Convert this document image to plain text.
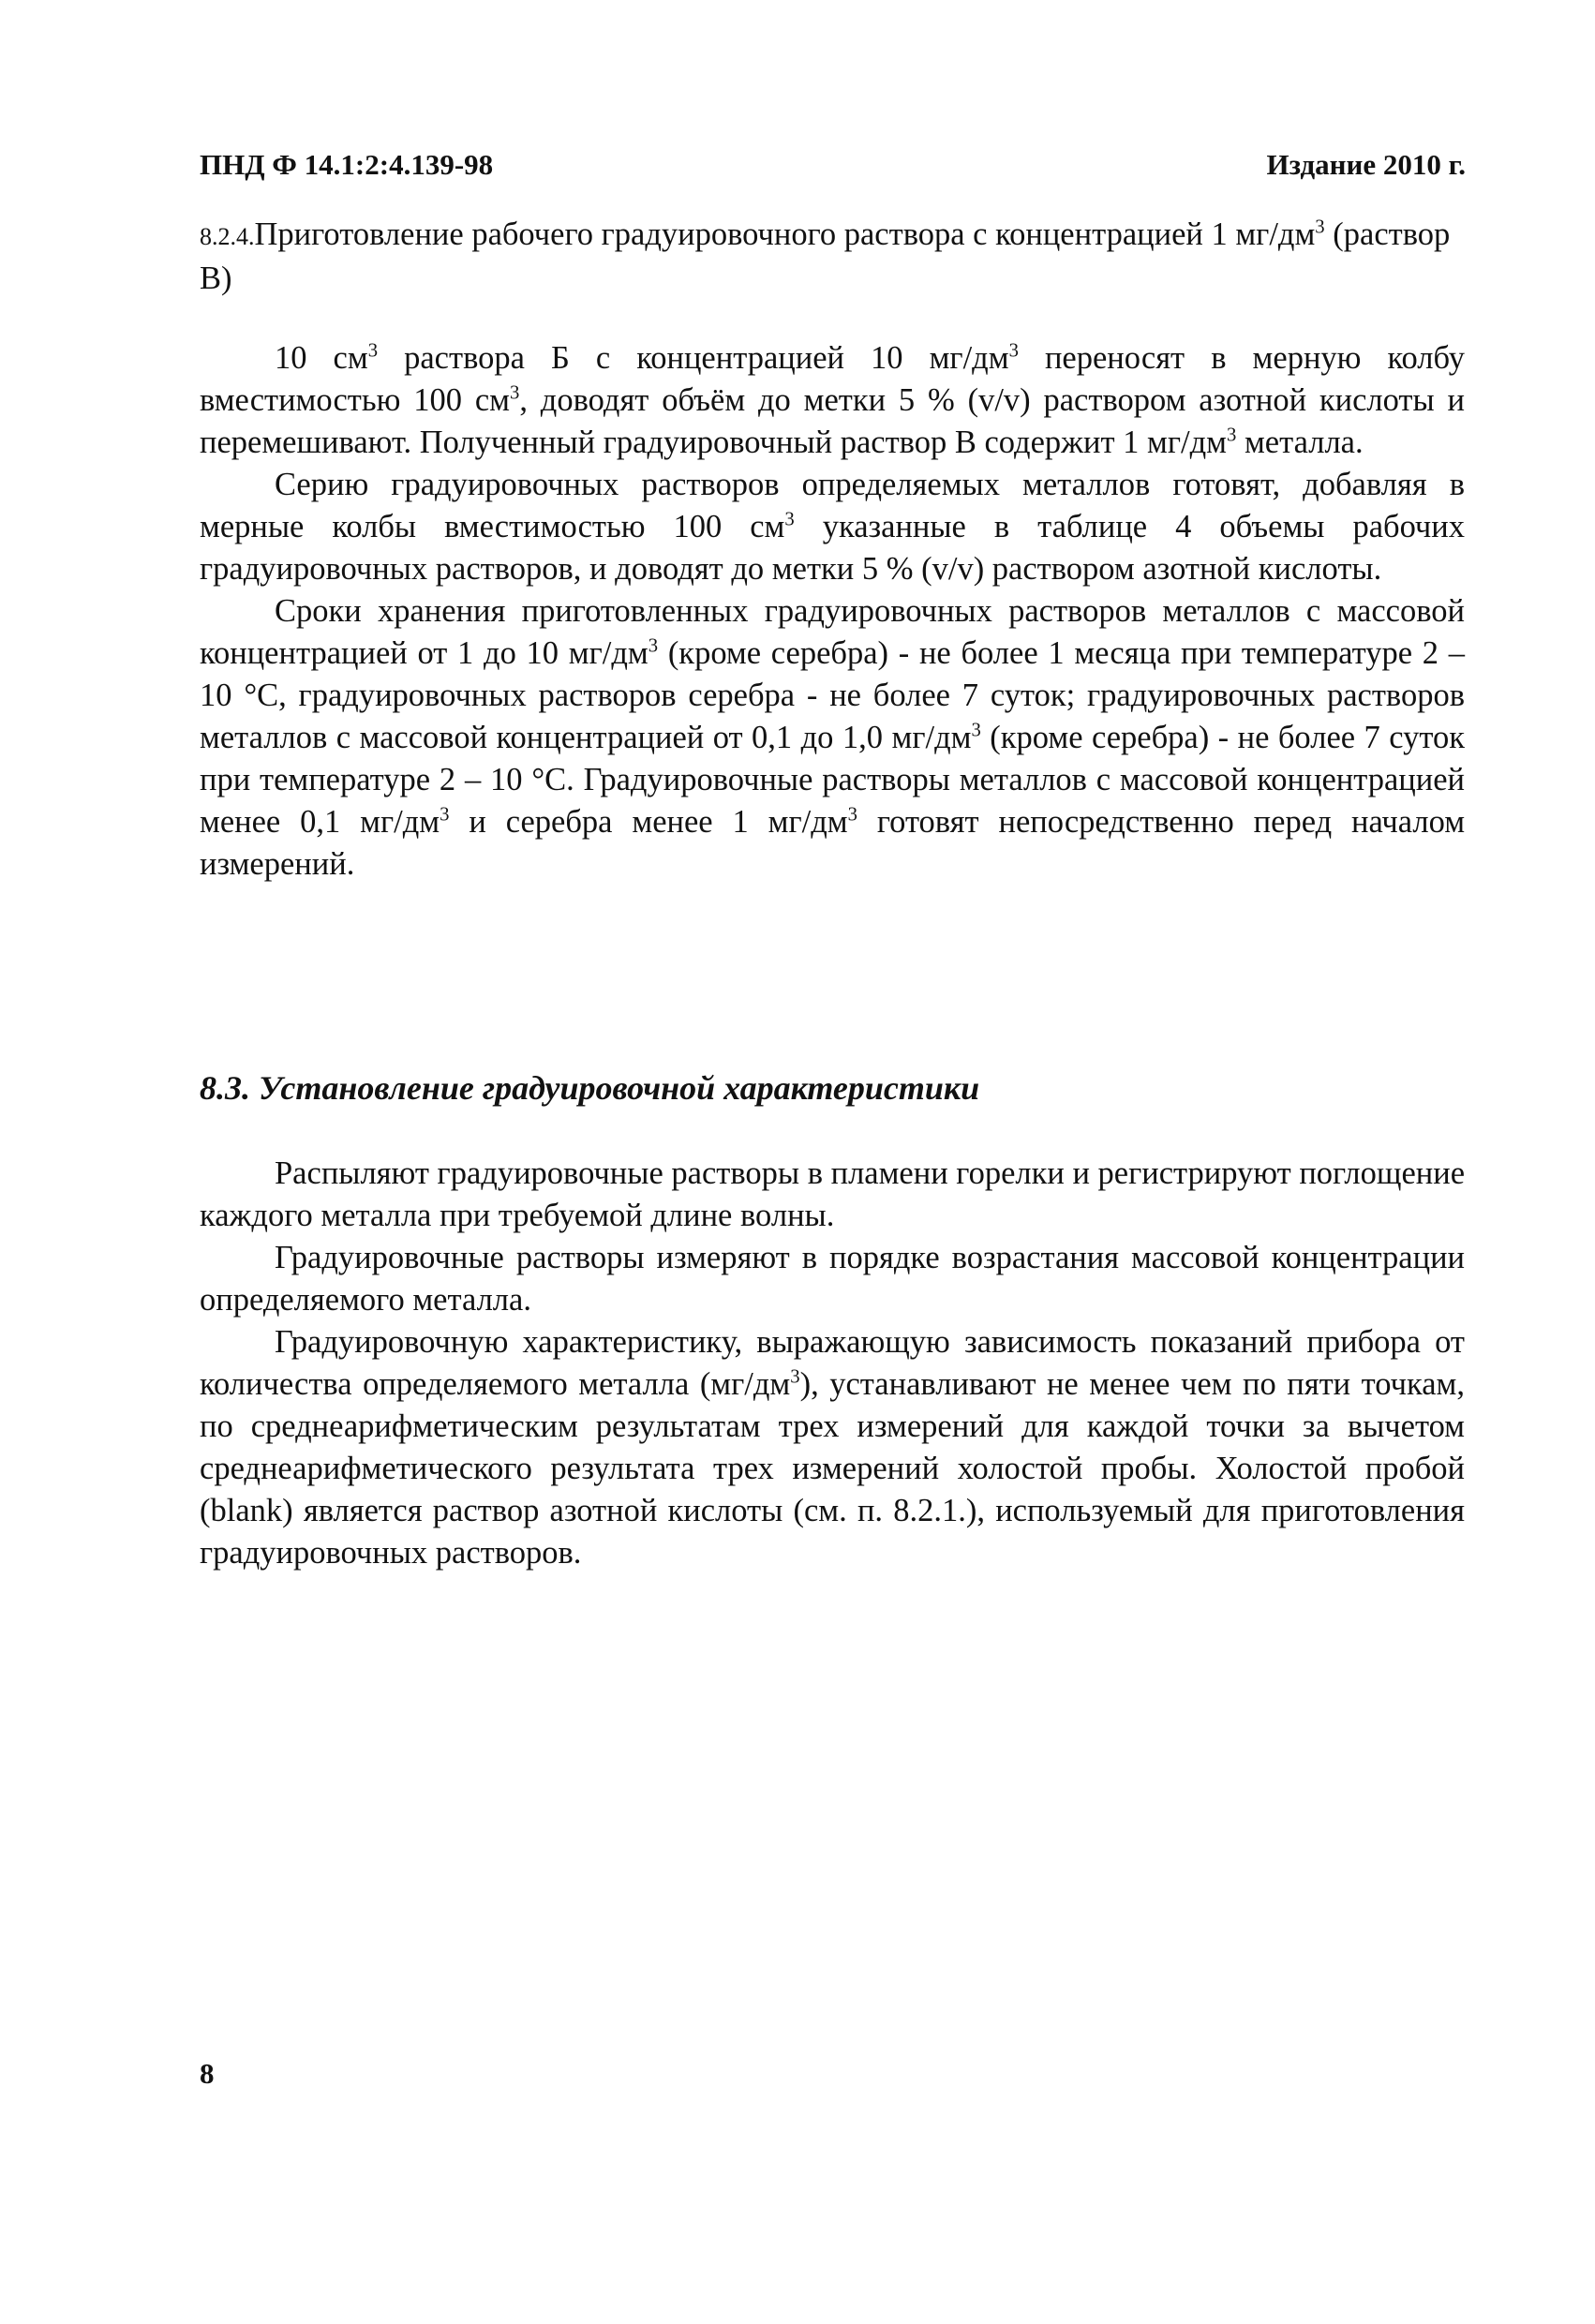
ПНД Ф 14.1:2:4.139-98	Издание 2010 г.
8.2.4.Приготовление рабочего градуировочного раствора с концентрацией 1 $мг/дм^3$ (раствор В)

10 $см^3$ раствора Б с концентрацией 10 $мг/дм^3$ переносят в мерную колбу вместимостью 100 $см^3$, доводят объём до метки 5 % (v/v) раствором азотной кислоты и перемешивают. Полученный градуировочный раствор В содержит 1 $мг/дм^3$ металла.

Серию градуировочных растворов определяемых металлов готовят, добавляя в мерные колбы вместимостью 100 $см^3$ указанные в таблице 4 объемы рабочих градуировочных растворов, и доводят до метки 5 % (v/v) раствором азотной кислоты.

Сроки хранения приготовленных градуировочных растворов металлов с массовой концентрацией от 1 до 10 $мг/дм^3$ (кроме серебра) - не более 1 месяца при температуре 2 – 10 °С, градуировочных растворов серебра - не более 7 суток; градуировочных растворов металлов с массовой концентрацией от 0,1 до 1,0 $мг/дм^3$ (кроме серебра) - не более 7 суток при температуре 2 – 10 °С. Градуировочные растворы металлов с массовой концентрацией менее 0,1 $мг/дм^3$ и серебра менее 1 $мг/дм^3$ готовят непосредственно перед началом измерений.

8.3. Установление градуировочной характеристики

Распыляют градуировочные растворы в пламени горелки и регистрируют поглощение каждого металла при требуемой длине волны.

Градуировочные растворы измеряют в порядке возрастания массовой концентрации определяемого металла.

Градуировочную характеристику, выражающую зависимость показаний прибора от количества определяемого металла $(мг/дм^3)$, устанавливают не менее чем по пяти точкам, по среднеарифметическим результатам трех измерений для каждой точки за вычетом среднеарифметического результата трех измерений холостой пробы. Холостой пробой (blank) является раствор азотной кислоты (см. п. 8.2.1.), используемый для приготовления градуировочных растворов.

8
